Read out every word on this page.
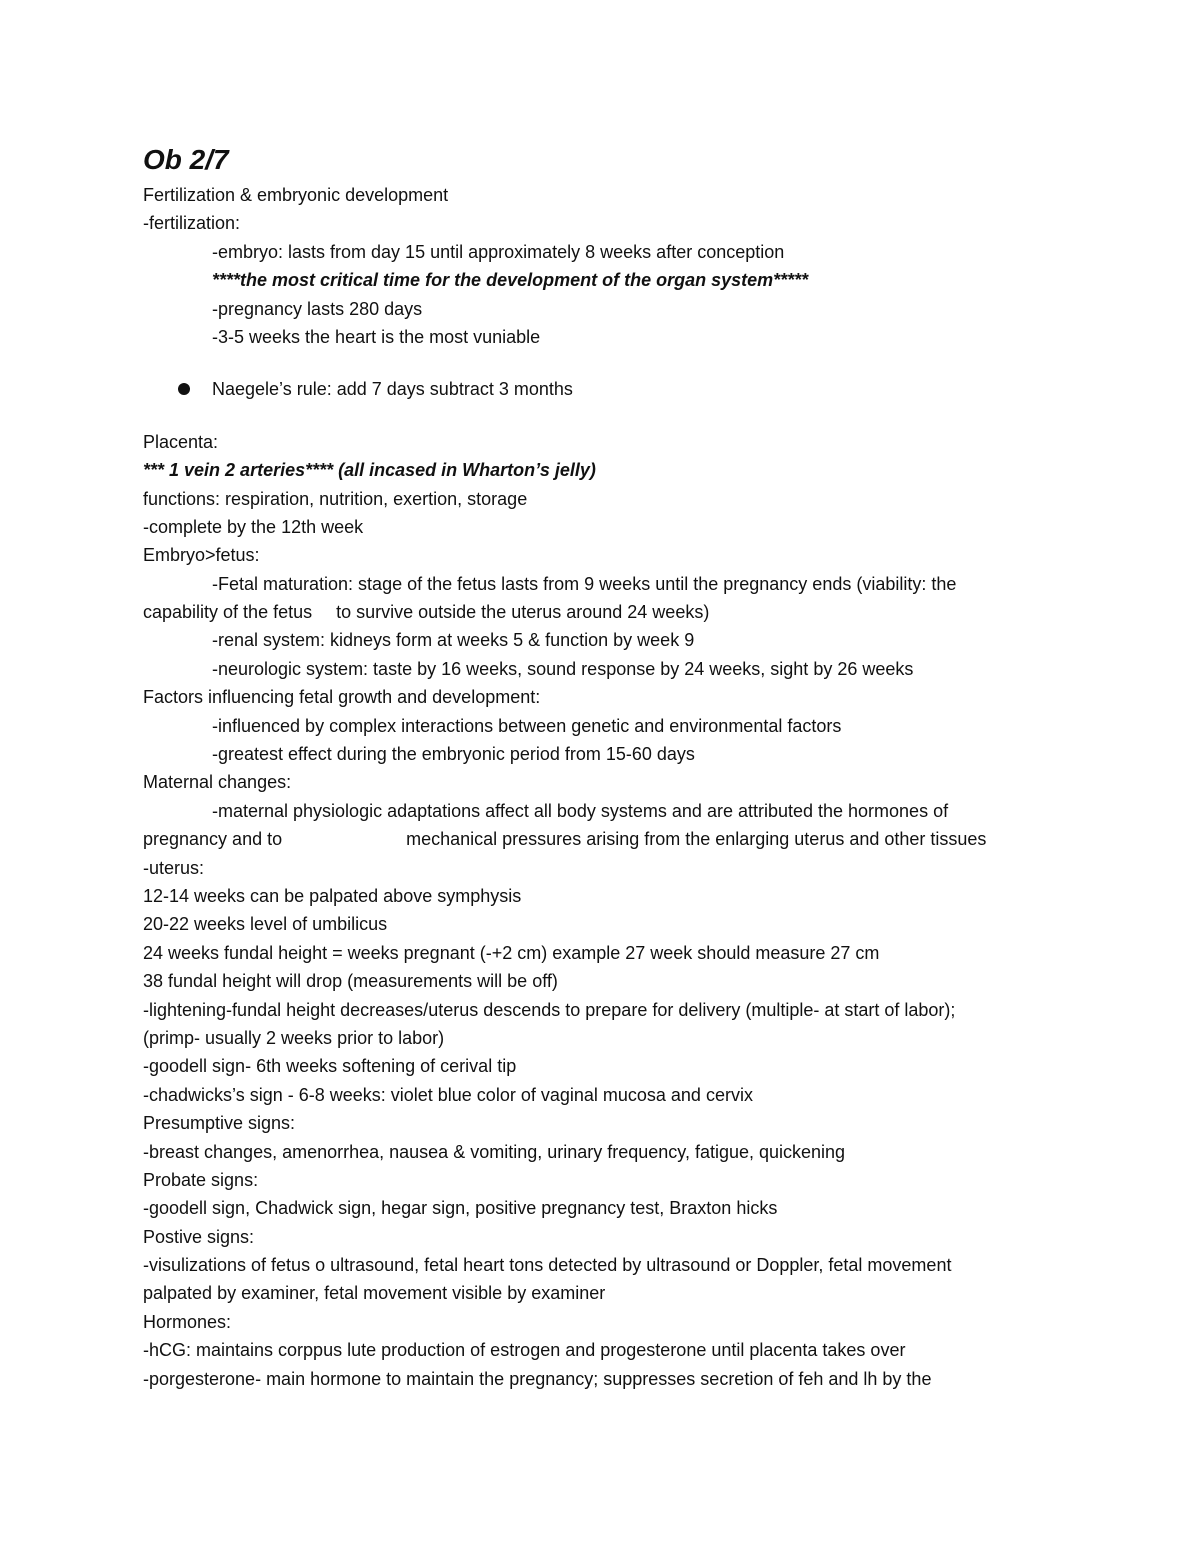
Ob 2/7
Fertilization & embryonic development
-fertilization:
-embryo: lasts from day 15 until approximately 8 weeks after conception
****the most critical time for the development of the organ system*****
-pregnancy lasts 280 days
-3-5 weeks the heart is the most vuniable
Naegele’s rule: add 7 days subtract 3 months
Placenta:
*** 1 vein 2 arteries**** (all incased in Wharton’s jelly)
functions: respiration, nutrition, exertion, storage
-complete by the 12th week
Embryo>fetus:
-Fetal maturation: stage of the fetus lasts from 9 weeks until the pregnancy ends (viability: the
capability of the fetus to survive outside the uterus around 24 weeks)
-renal system: kidneys form at weeks 5 & function by week 9
-neurologic system: taste by 16 weeks, sound response by 24 weeks, sight by 26 weeks
Factors influencing fetal growth and development:
-influenced by complex interactions between genetic and environmental factors
-greatest effect during the embryonic period from 15-60 days
Maternal changes:
-maternal physiologic adaptations affect all body systems and are attributed the hormones of
pregnancy and to	mechanical pressures arising from the enlarging uterus and other tissues
-uterus:
12-14 weeks can be palpated above symphysis
20-22 weeks level of umbilicus
24 weeks fundal height = weeks pregnant (-+2 cm) example 27 week should measure 27 cm
38 fundal height will drop (measurements will be off)
-lightening-fundal height decreases/uterus descends to prepare for delivery (multiple- at start of labor);
(primp- usually 2 weeks prior to labor)
-goodell sign- 6th weeks softening of cerival tip
-chadwicks’s sign - 6-8 weeks: violet blue color of vaginal mucosa and cervix
Presumptive signs:
-breast changes, amenorrhea, nausea & vomiting, urinary frequency, fatigue, quickening
Probate signs:
-goodell sign, Chadwick sign, hegar sign, positive pregnancy test, Braxton hicks
Postive signs:
-visulizations of fetus o ultrasound, fetal heart tons detected by ultrasound or Doppler, fetal movement
palpated by examiner, fetal movement visible by examiner
Hormones:
-hCG: maintains corppus lute production of estrogen and progesterone until placenta takes over
-porgesterone- main hormone to maintain the pregnancy; suppresses secretion of feh and lh by the
